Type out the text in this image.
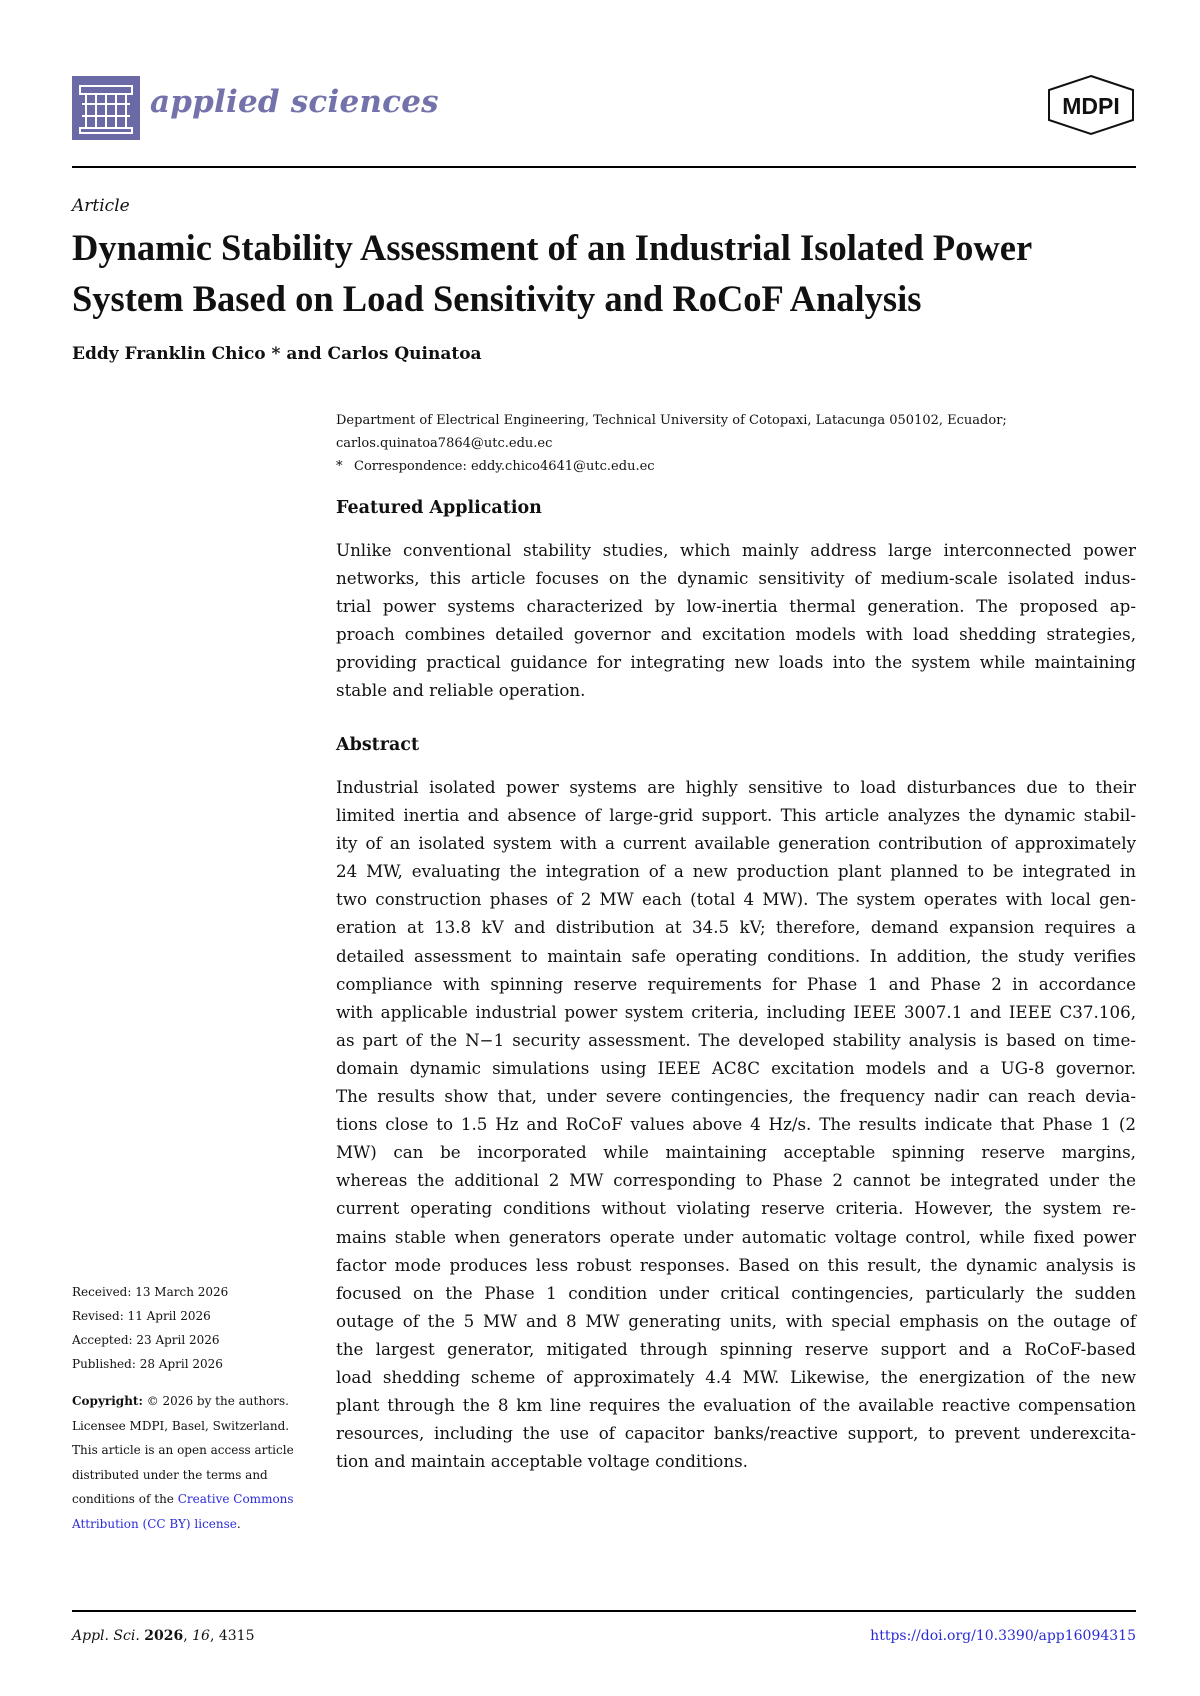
applied sciences	MDPI
Article
Dynamic Stability Assessment of an Industrial Isolated Power
System Based on Load Sensitivity and RoCoF Analysis
Eddy Franklin Chico * and Carlos Quinatoa
Department of Electrical Engineering, Technical University of Cotopaxi, Latacunga 050102, Ecuador;
carlos.quinatoa7864@utc.edu.ec
* Correspondence: eddy.chico4641@utc.edu.ec
Featured Application
Unlike conventional stability studies, which mainly address large interconnected power
networks, this article focuses on the dynamic sensitivity of medium-scale isolated indus-
trial power systems characterized by low-inertia thermal generation. The proposed ap-
proach combines detailed governor and excitation models with load shedding strategies,
providing practical guidance for integrating new loads into the system while maintaining
stable and reliable operation.
Abstract
Industrial isolated power systems are highly sensitive to load disturbances due to their
limited inertia and absence of large-grid support. This article analyzes the dynamic stabil-
ity of an isolated system with a current available generation contribution of approximately
24 MW, evaluating the integration of a new production plant planned to be integrated in
two construction phases of 2 MW each (total 4 MW). The system operates with local gen-
eration at 13.8 kV and distribution at 34.5 kV; therefore, demand expansion requires a
detailed assessment to maintain safe operating conditions. In addition, the study verifies
compliance with spinning reserve requirements for Phase 1 and Phase 2 in accordance
with applicable industrial power system criteria, including IEEE 3007.1 and IEEE C37.106,
as part of the N−1 security assessment. The developed stability analysis is based on time-
domain dynamic simulations using IEEE AC8C excitation models and a UG-8 governor.
The results show that, under severe contingencies, the frequency nadir can reach devia-
tions close to 1.5 Hz and RoCoF values above 4 Hz/s. The results indicate that Phase 1 (2
MW) can be incorporated while maintaining acceptable spinning reserve margins,
whereas the additional 2 MW corresponding to Phase 2 cannot be integrated under the
current operating conditions without violating reserve criteria. However, the system re-
mains stable when generators operate under automatic voltage control, while fixed power
factor mode produces less robust responses. Based on this result, the dynamic analysis is
focused on the Phase 1 condition under critical contingencies, particularly the sudden
outage of the 5 MW and 8 MW generating units, with special emphasis on the outage of
the largest generator, mitigated through spinning reserve support and a RoCoF-based
load shedding scheme of approximately 4.4 MW. Likewise, the energization of the new
plant through the 8 km line requires the evaluation of the available reactive compensation
resources, including the use of capacitor banks/reactive support, to prevent underexcita-
tion and maintain acceptable voltage conditions.
Received: 13 March 2026
Revised: 11 April 2026
Accepted: 23 April 2026
Published: 28 April 2026
Copyright: © 2026 by the authors.
Licensee MDPI, Basel, Switzerland.
This article is an open access article
distributed under the terms and
conditions of the Creative Commons
Attribution (CC BY) license.
Appl. Sci. 2026, 16, 4315	https://doi.org/10.3390/app16094315
